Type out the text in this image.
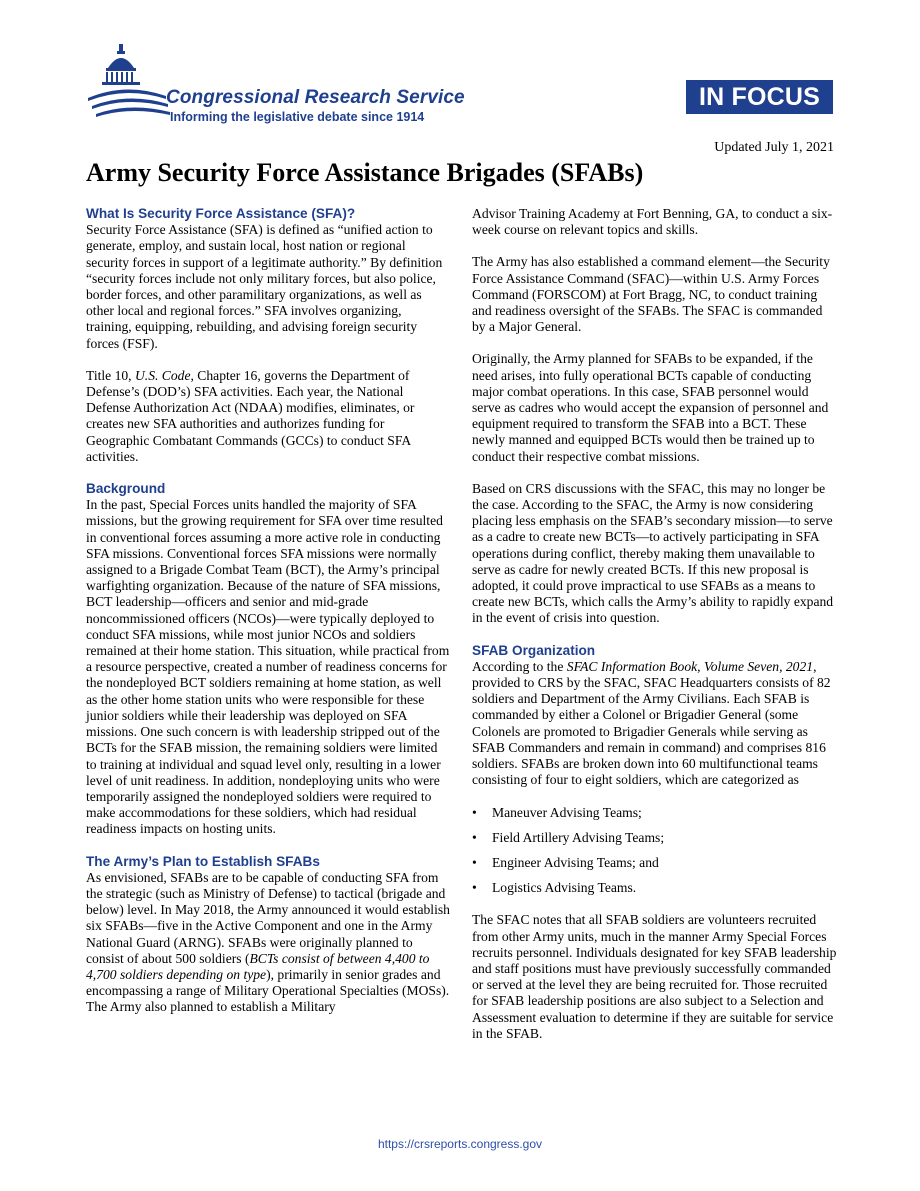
Congressional Research Service
Informing the legislative debate since 1914
IN FOCUS
Updated July 1, 2021
Army Security Force Assistance Brigades (SFABs)
What Is Security Force Assistance (SFA)?

Security Force Assistance (SFA) is defined as “unified action to generate, employ, and sustain local, host nation or regional security forces in support of a legitimate authority.” By definition “security forces include not only military forces, but also police, border forces, and other paramilitary organizations, as well as other local and regional forces.” SFA involves organizing, training, equipping, rebuilding, and advising foreign security forces (FSF).

Title 10, U.S. Code, Chapter 16, governs the Department of Defense’s (DOD’s) SFA activities. Each year, the National Defense Authorization Act (NDAA) modifies, eliminates, or creates new SFA authorities and authorizes funding for Geographic Combatant Commands (GCCs) to conduct SFA activities.

Background

In the past, Special Forces units handled the majority of SFA missions, but the growing requirement for SFA over time resulted in conventional forces assuming a more active role in conducting SFA missions. Conventional forces SFA missions were normally assigned to a Brigade Combat Team (BCT), the Army’s principal warfighting organization. Because of the nature of SFA missions, BCT leadership—officers and senior and mid-grade noncommissioned officers (NCOs)—were typically deployed to conduct SFA missions, while most junior NCOs and soldiers remained at their home station. This situation, while practical from a resource perspective, created a number of readiness concerns for the nondeployed BCT soldiers remaining at home station, as well as the other home station units who were responsible for these junior soldiers while their leadership was deployed on SFA missions. One such concern is with leadership stripped out of the BCTs for the SFAB mission, the remaining soldiers were limited to training at individual and squad level only, resulting in a lower level of unit readiness. In addition, nondeploying units who were temporarily assigned the nondeployed soldiers were required to make accommodations for these soldiers, which had residual readiness impacts on hosting units.

The Army’s Plan to Establish SFABs

As envisioned, SFABs are to be capable of conducting SFA from the strategic (such as Ministry of Defense) to tactical (brigade and below) level. In May 2018, the Army announced it would establish six SFABs—five in the Active Component and one in the Army National Guard (ARNG). SFABs were originally planned to consist of about 500 soldiers (BCTs consist of between 4,400 to 4,700 soldiers depending on type), primarily in senior grades and encompassing a range of Military Operational Specialties (MOSs). The Army also planned to establish a Military

Advisor Training Academy at Fort Benning, GA, to conduct a six-week course on relevant topics and skills.

The Army has also established a command element—the Security Force Assistance Command (SFAC)—within U.S. Army Forces Command (FORSCOM) at Fort Bragg, NC, to conduct training and readiness oversight of the SFABs. The SFAC is commanded by a Major General.

Originally, the Army planned for SFABs to be expanded, if the need arises, into fully operational BCTs capable of conducting major combat operations. In this case, SFAB personnel would serve as cadres who would accept the expansion of personnel and equipment required to transform the SFAB into a BCT. These newly manned and equipped BCTs would then be trained up to conduct their respective combat missions.

Based on CRS discussions with the SFAC, this may no longer be the case. According to the SFAC, the Army is now considering placing less emphasis on the SFAB’s secondary mission—to serve as a cadre to create new BCTs—to actively participating in SFA operations during conflict, thereby making them unavailable to serve as cadre for newly created BCTs. If this new proposal is adopted, it could prove impractical to use SFABs as a means to create new BCTs, which calls the Army’s ability to rapidly expand in the event of crisis into question.

SFAB Organization

According to the SFAC Information Book, Volume Seven, 2021, provided to CRS by the SFAC, SFAC Headquarters consists of 82 soldiers and Department of the Army Civilians. Each SFAB is commanded by either a Colonel or Brigadier General (some Colonels are promoted to Brigadier Generals while serving as SFAB Commanders and remain in command) and comprises 816 soldiers. SFABs are broken down into 60 multifunctional teams consisting of four to eight soldiers, which are categorized as

• Maneuver Advising Teams;
• Field Artillery Advising Teams;
• Engineer Advising Teams; and
• Logistics Advising Teams.

The SFAC notes that all SFAB soldiers are volunteers recruited from other Army units, much in the manner Army Special Forces recruits personnel. Individuals designated for key SFAB leadership and staff positions must have previously successfully commanded or served at the level they are being recruited for. Those recruited for SFAB leadership positions are also subject to a Selection and Assessment evaluation to determine if they are suitable for service in the SFAB.

https://crsreports.congress.gov
